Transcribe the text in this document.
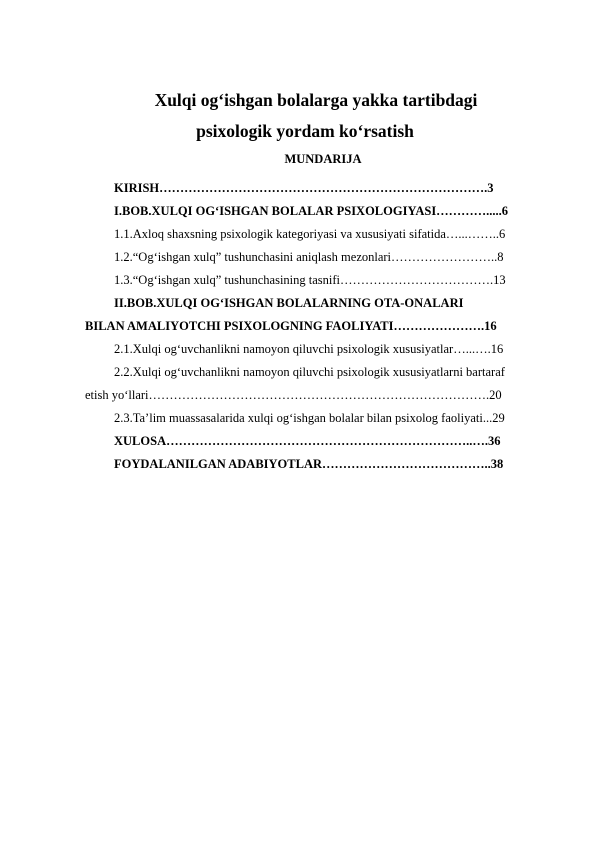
Xulqi og‘ishgan bolalarga yakka tartibdagi
psixologik yordam ko‘rsatish
MUNDARIJA
KIRISH…………………………………………………………………….3
I.BOB.XULQI OG‘ISHGAN BOLALAR PSIXOLOGIYASI………….....6
1.1.Axloq shaxsning psixologik kategoriyasi va xususiyati sifatida…...……..6
1.2.“Og‘ishgan xulq” tushunchasini aniqlash mezonlari……………………..8
1.3.“Og‘ishgan xulq” tushunchasining tasnifi……………………………….13
II.BOB.XULQI OG‘ISHGAN BOLALARNING OTA-ONALARI
BILAN AMALIYOTCHI PSIXOLOGNING FAOLIYATI………………….16
2.1.Xulqi og‘uvchanlikni namoyon qiluvchi psixologik xususiyatlar…...….16
2.2.Xulqi og‘uvchanlikni namoyon qiluvchi psixologik xususiyatlarni bartaraf
etish yo‘llari……………………………………………………………………….20
2.3.Ta’lim muassasalarida xulqi og‘ishgan bolalar bilan psixolog faoliyati...29
XULOSA………………………………………………………………..….36
FOYDALANILGAN ADABIYOTLAR…………………………………..38
